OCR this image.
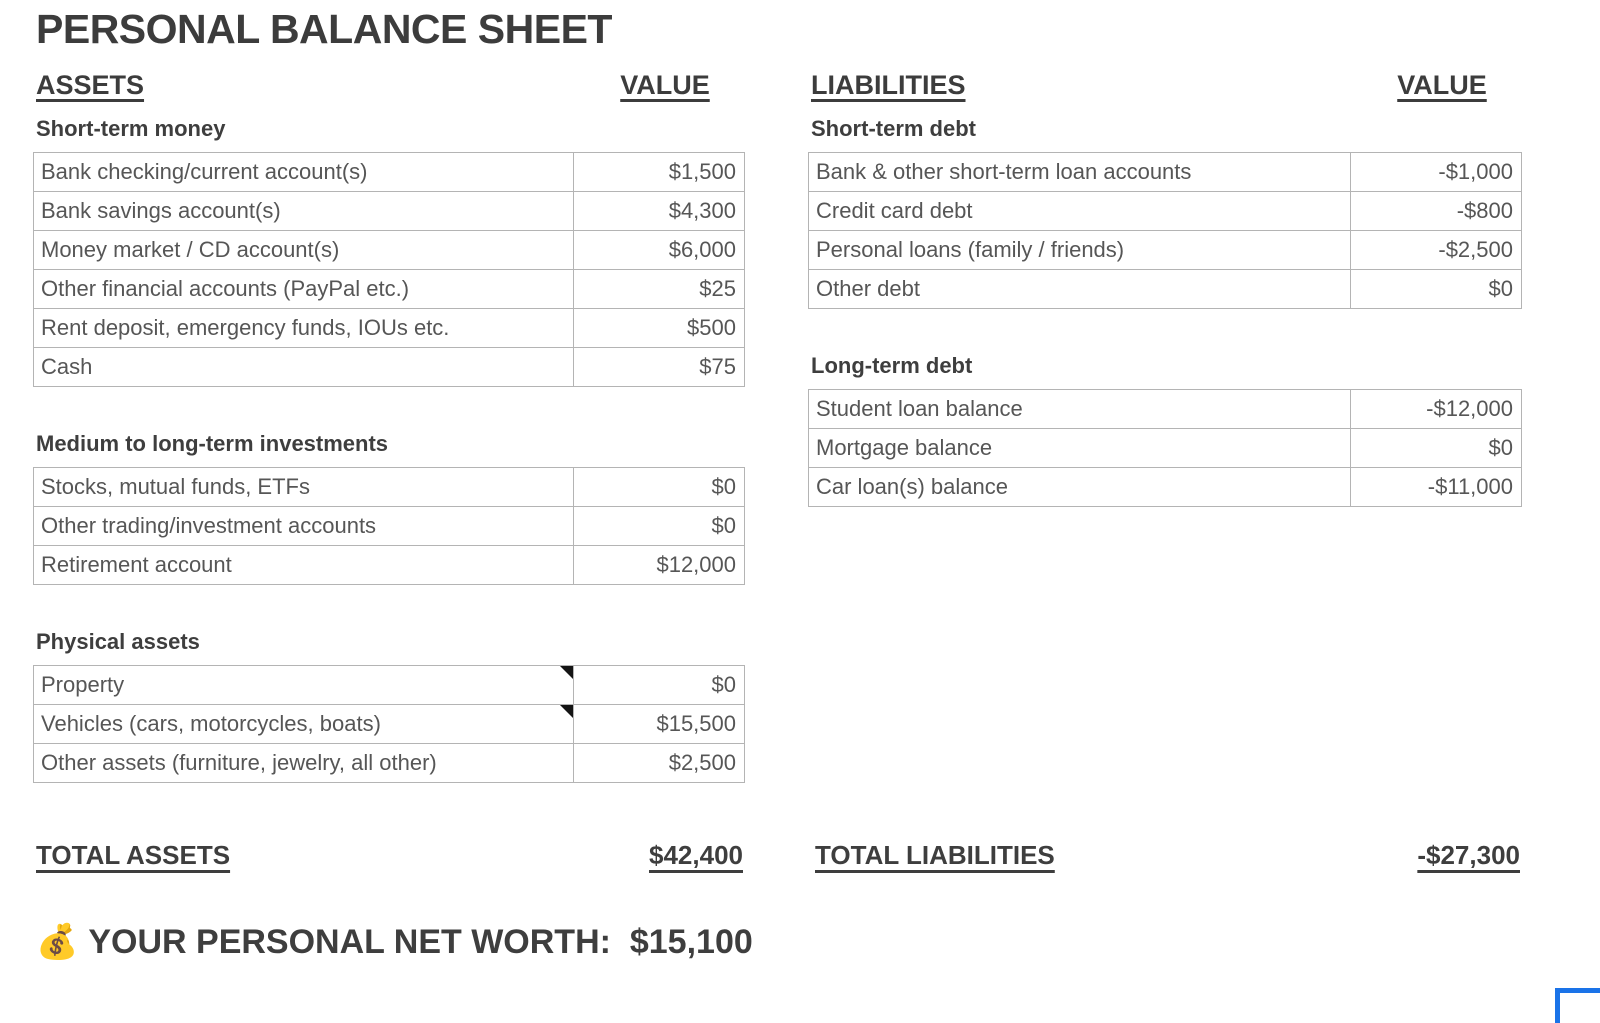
PERSONAL BALANCE SHEET
ASSETS	VALUE
Short-term money
Bank checking/current account(s)	$1,500
Bank savings account(s)	$4,300
Money market / CD account(s)	$6,000
Other financial accounts (PayPal etc.)	$25
Rent deposit, emergency funds, IOUs etc.	$500
Cash	$75
Medium to long-term investments
Stocks, mutual funds, ETFs	$0
Other trading/investment accounts	$0
Retirement account	$12,000
Physical assets
Property	$0
Vehicles (cars, motorcycles, boats)	$15,500
Other assets (furniture, jewelry, all other)	$2,500
LIABILITIES	VALUE
Short-term debt
Bank & other short-term loan accounts	-$1,000
Credit card debt	-$800
Personal loans (family / friends)	-$2,500
Other debt	$0
Long-term debt
Student loan balance	-$12,000
Mortgage balance	$0
Car loan(s) balance	-$11,000
TOTAL ASSETS	$42,400	TOTAL LIABILITIES	-$27,300
💰 YOUR PERSONAL NET WORTH: $15,100
